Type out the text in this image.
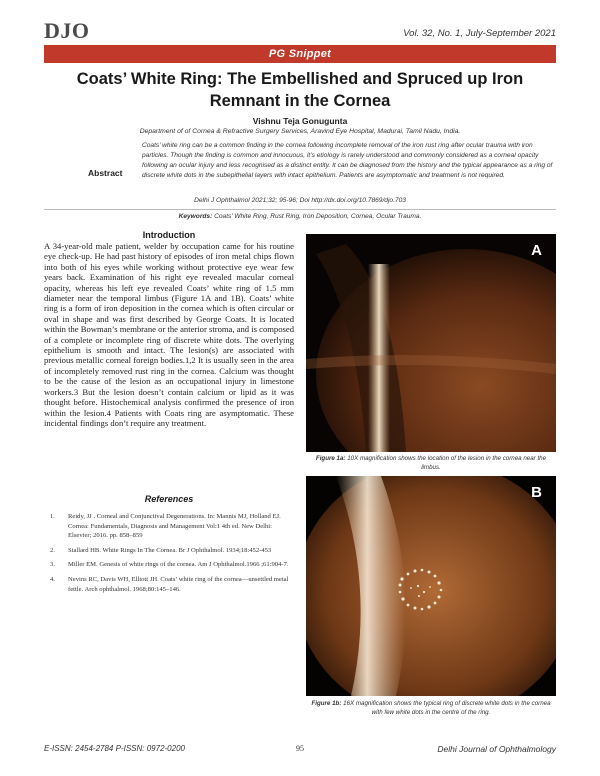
DJO	Vol. 32, No. 1, July-September 2021
PG Snippet
Coats’ White Ring: The Embellished and Spruced up Iron Remnant in the Cornea
Vishnu Teja Gonugunta
Department of of Cornea & Refractive Surgery Services, Aravind Eye Hospital, Madurai, Tamil Nadu, India.
Abstract

Coats’ white ring can be a common finding in the cornea following incomplete removal of the iron rust ring after ocular trauma with iron particles. Though the finding is common and innocuous, it’s etiology is rarely understood and commonly considered as a corneal opacity following an ocular injury and less recognised as a distinct entity. It can be diagnosed from the history and the typical appearance as a ring of discrete white dots in the subepithelial layers with intact epithelium. Patients are asymptomatic and treatment is not required.

Delhi J Ophthalmol 2021;32; 95-96; Doi http://dx.doi.org/10.7869/djo.703
Keywords: Coats’ White Ring, Rust Ring, Iron Deposition, Cornea, Ocular Trauma.
Introduction

A 34-year-old male patient, welder by occupation came for his routine eye check-up. He had past history of episodes of iron metal chips flown into both of his eyes while working without protective eye wear few years back. Examination of his right eye revealed macular corneal opacity, whereas his left eye revealed Coats’ white ring of 1.5 mm diameter near the temporal limbus (Figure 1A and 1B). Coats’ white ring is a form of iron deposition in the cornea which is often circular or oval in shape and was first described by George Coats. It is located within the Bowman’s membrane or the anterior stroma, and is composed of a complete or incomplete ring of discrete white dots. The overlying epithelium is smooth and intact. The lesion(s) are associated with previous metallic corneal foreign bodies.1,2 It is usually seen in the area of incompletely removed rust ring in the cornea. Calcium was thought to be the cause of the lesion as an occupational injury in limestone workers.3 But the lesion doesn’t contain calcium or lipid as it was thought before. Histochemical analysis confirmed the presence of iron within the lesion.4 Patients with Coats ring are asymptomatic. These incidental findings don’t require any treatment.

References
1. Reidy, JJ . Corneal and Conjunctival Degenerations. In: Mannis MJ, Holland EJ. Cornea: Fundamentals, Diagnosis and Management Vol:1 4th ed. New Delhi: Elsevier; 2016. pp. 858–859
2. Stallard HB. White Rings In The Cornea. Br J Ophthalmol. 1934;18:452-453
3. Miller EM. Genesis of white rings of the cornea. Am J Ophthalmol.1966 ;61:904-7.
4. Nevins RC, Davis WH, Elliott JH. Coats’ white ring of the cornea—unsettled metal fettle. Arch ophthalmol. 1968;80:145–146.
A
Figure 1a: 10X magnification shows the location of the lesion in the cornea near the limbus.
B
Figure 1b: 16X magnification shows the typical ring of discrete white dots in the cornea with few white dots in the centre of the ring.
E-ISSN: 2454-2784 P-ISSN: 0972-0200	95	Delhi Journal of Ophthalmology
